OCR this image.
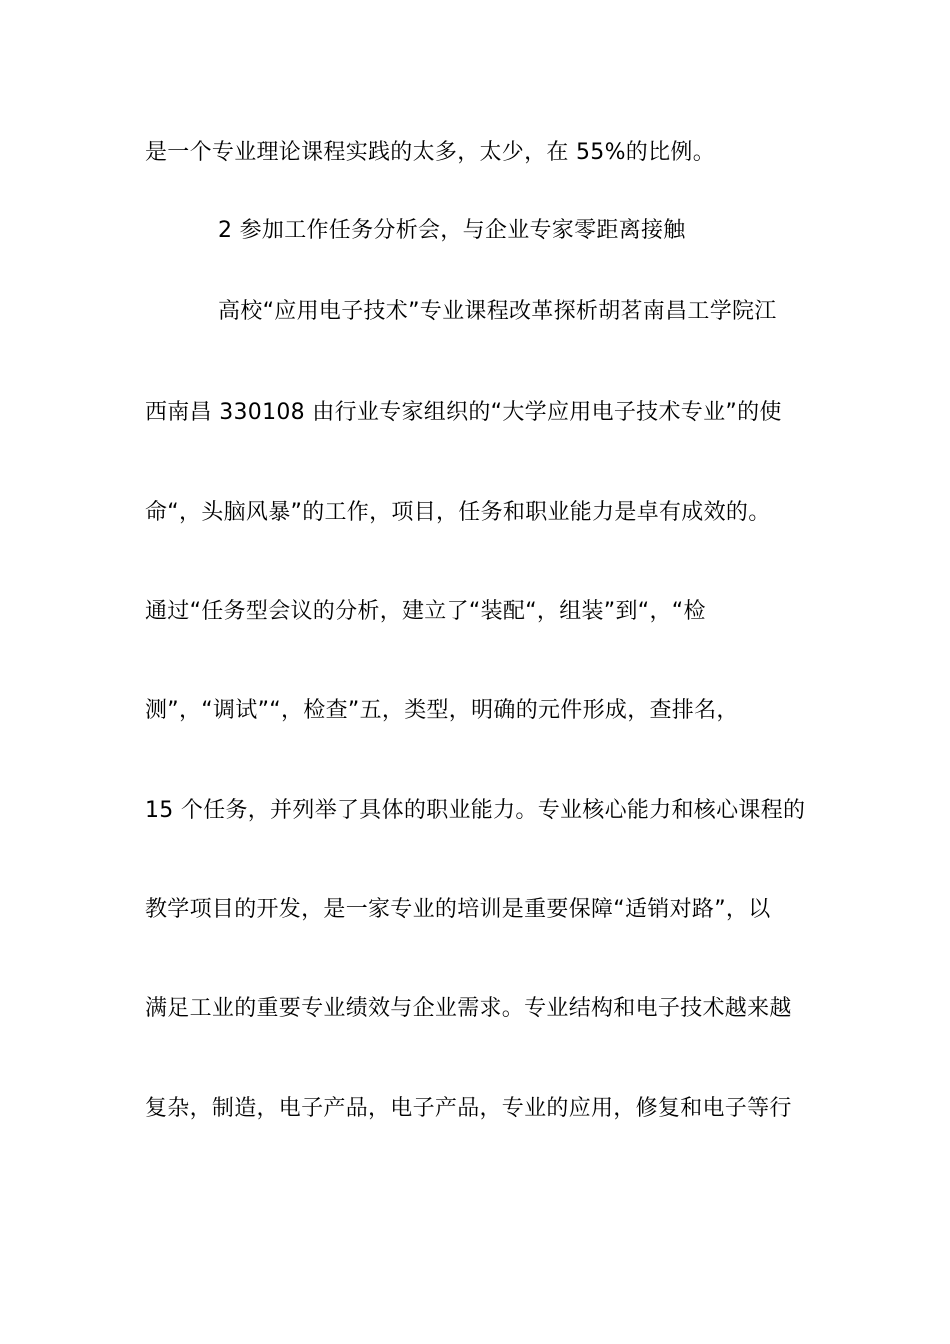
是一个专业理论课程实践的太多，太少，在 55%的比例。
2 参加工作任务分析会，与企业专家零距离接触
高校“应用电子技术”专业课程改革探析胡茗南昌工学院江
西南昌 330108 由行业专家组织的“大学应用电子技术专业”的使
命“，头脑风暴”的工作，项目，任务和职业能力是卓有成效的。
通过“任务型会议的分析，建立了“装配“，组装”到“，“检
测”，“调试”“，检查”五，类型，明确的元件形成，查排名，
15 个任务，并列举了具体的职业能力。专业核心能力和核心课程的
教学项目的开发，是一家专业的培训是重要保障“适销对路”，以
满足工业的重要专业绩效与企业需求。专业结构和电子技术越来越
复杂，制造，电子产品，电子产品，专业的应用，修复和电子等行
